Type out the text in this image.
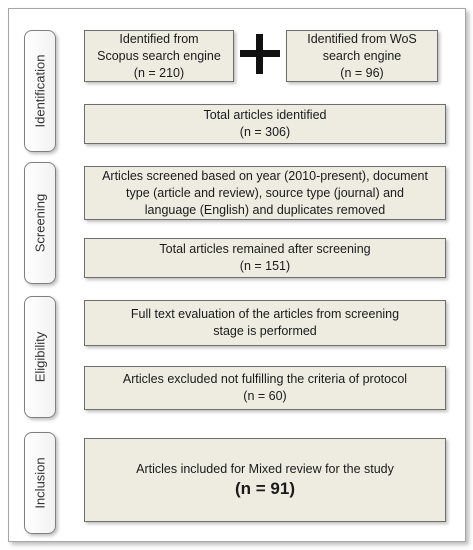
Identification
Screening
Eligibility
Inclusion
Identified from
Scopus search engine
(n = 210)
Identified from WoS
search engine
(n = 96)
Total articles identified
(n = 306)
Articles screened based on year (2010-present), document
type (article and review), source type (journal) and
language (English) and duplicates removed
Total articles remained after screening
(n = 151)
Full text evaluation of the articles from screening
stage is performed
Articles excluded not fulfilling the criteria of protocol
(n = 60)
Articles included for Mixed review for the study
(n = 91)
